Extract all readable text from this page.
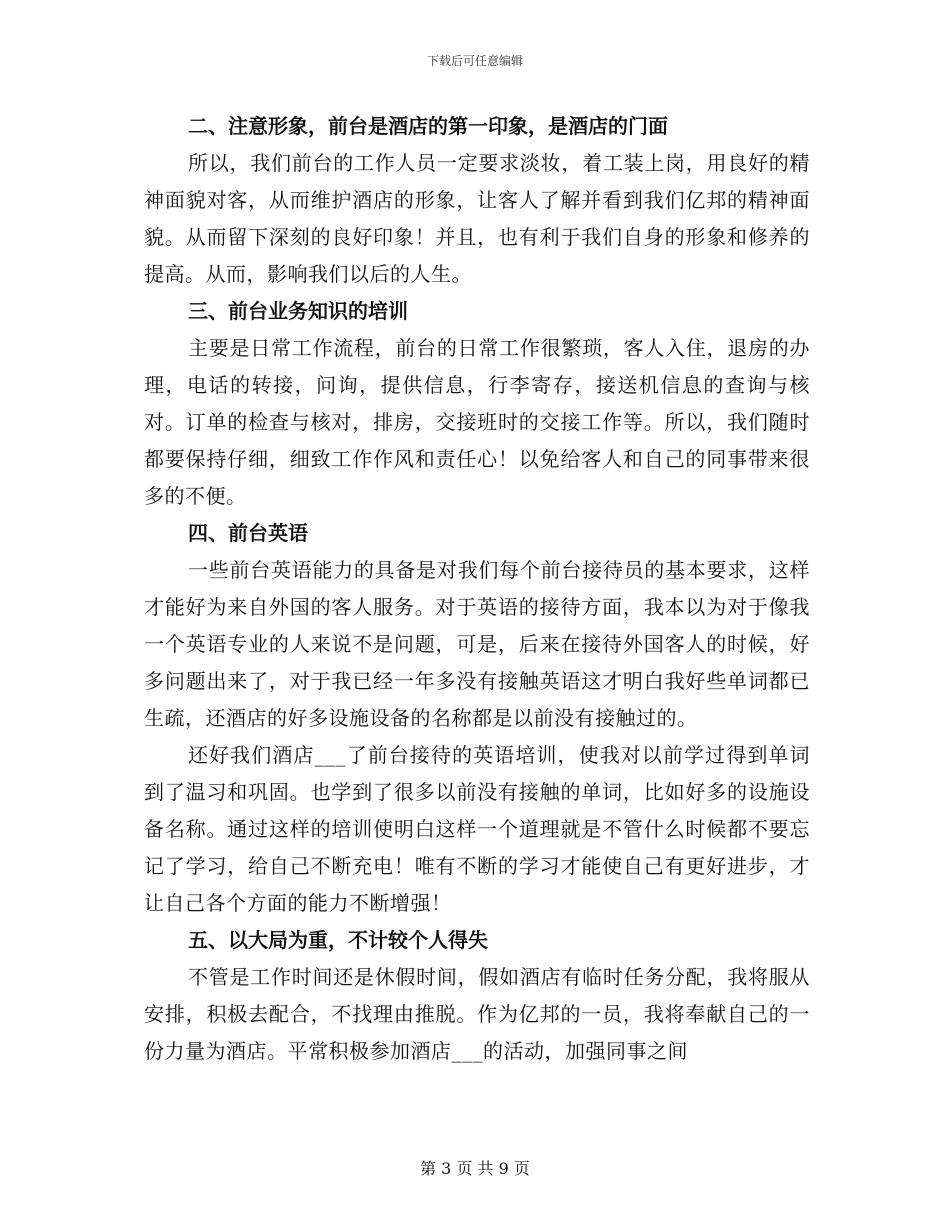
下载后可任意编辑

二、注意形象，前台是酒店的第一印象，是酒店的门面

所以，我们前台的工作人员一定要求淡妆，着工装上岗，用良好的精神面貌对客，从而维护酒店的形象，让客人了解并看到我们亿邦的精神面貌。从而留下深刻的良好印象！并且，也有利于我们自身的形象和修养的提高。从而，影响我们以后的人生。

三、前台业务知识的培训

主要是日常工作流程，前台的日常工作很繁琐，客人入住，退房的办理，电话的转接，问询，提供信息，行李寄存，接送机信息的查询与核对。订单的检查与核对，排房，交接班时的交接工作等。所以，我们随时都要保持仔细，细致工作作风和责任心！以免给客人和自己的同事带来很多的不便。

四、前台英语

一些前台英语能力的具备是对我们每个前台接待员的基本要求，这样才能好为来自外国的客人服务。对于英语的接待方面，我本以为对于像我一个英语专业的人来说不是问题，可是，后来在接待外国客人的时候，好多问题出来了，对于我已经一年多没有接触英语这才明白我好些单词都已生疏，还酒店的好多设施设备的名称都是以前没有接触过的。

还好我们酒店___了前台接待的英语培训，使我对以前学过得到单词到了温习和巩固。也学到了很多以前没有接触的单词，比如好多的设施设备名称。通过这样的培训使明白这样一个道理就是不管什么时候都不要忘记了学习，给自己不断充电！唯有不断的学习才能使自己有更好进步，才让自己各个方面的能力不断增强！

五、以大局为重，不计较个人得失

不管是工作时间还是休假时间，假如酒店有临时任务分配，我将服从安排，积极去配合，不找理由推脱。作为亿邦的一员，我将奉献自己的一份力量为酒店。平常积极参加酒店___的活动，加强同事之间

第 3 页 共 9 页
